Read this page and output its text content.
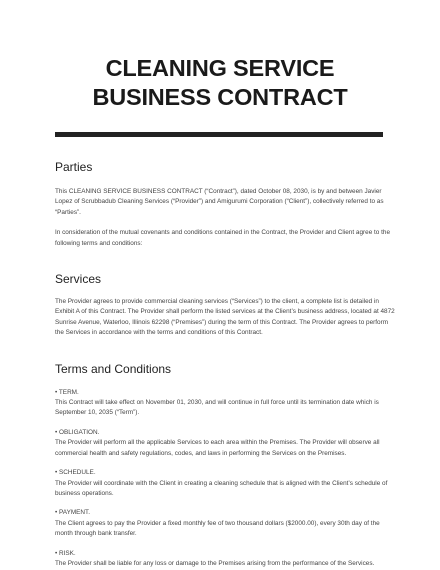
CLEANING SERVICE
BUSINESS CONTRACT
Parties

This CLEANING SERVICE BUSINESS CONTRACT (“Contract”), dated October 08, 2030, is by and between Javier Lopez of Scrubbadub Cleaning Services (“Provider”) and Amigurumi Corporation (“Client”), collectively referred to as “Parties”.

In consideration of the mutual covenants and conditions contained in the Contract, the Provider and Client agree to the following terms and conditions:

Services

The Provider agrees to provide commercial cleaning services (“Services”) to the client, a complete list is detailed in Exhibit A of this Contract. The Provider shall perform the listed services at the Client’s business address, located at 4872 Sunrise Avenue, Waterloo, Illinois 62298 (“Premises”) during the term of this Contract. The Provider agrees to perform the Services in accordance with the terms and conditions of this Contract.

Terms and Conditions

• TERM.

This Contract will take effect on November 01, 2030, and will continue in full force until its termination date which is September 10, 2035 (“Term”).

• OBLIGATION.

The Provider will perform all the applicable Services to each area within the Premises. The Provider will observe all commercial health and safety regulations, codes, and laws in performing the Services on the Premises.

• SCHEDULE.

The Provider will coordinate with the Client in creating a cleaning schedule that is aligned with the Client’s schedule of business operations.

• PAYMENT.

The Client agrees to pay the Provider a fixed monthly fee of two thousand dollars ($2000.00), every 30th day of the month through bank transfer.

• RISK.

The Provider shall be liable for any loss or damage to the Premises arising from the performance of the Services.
